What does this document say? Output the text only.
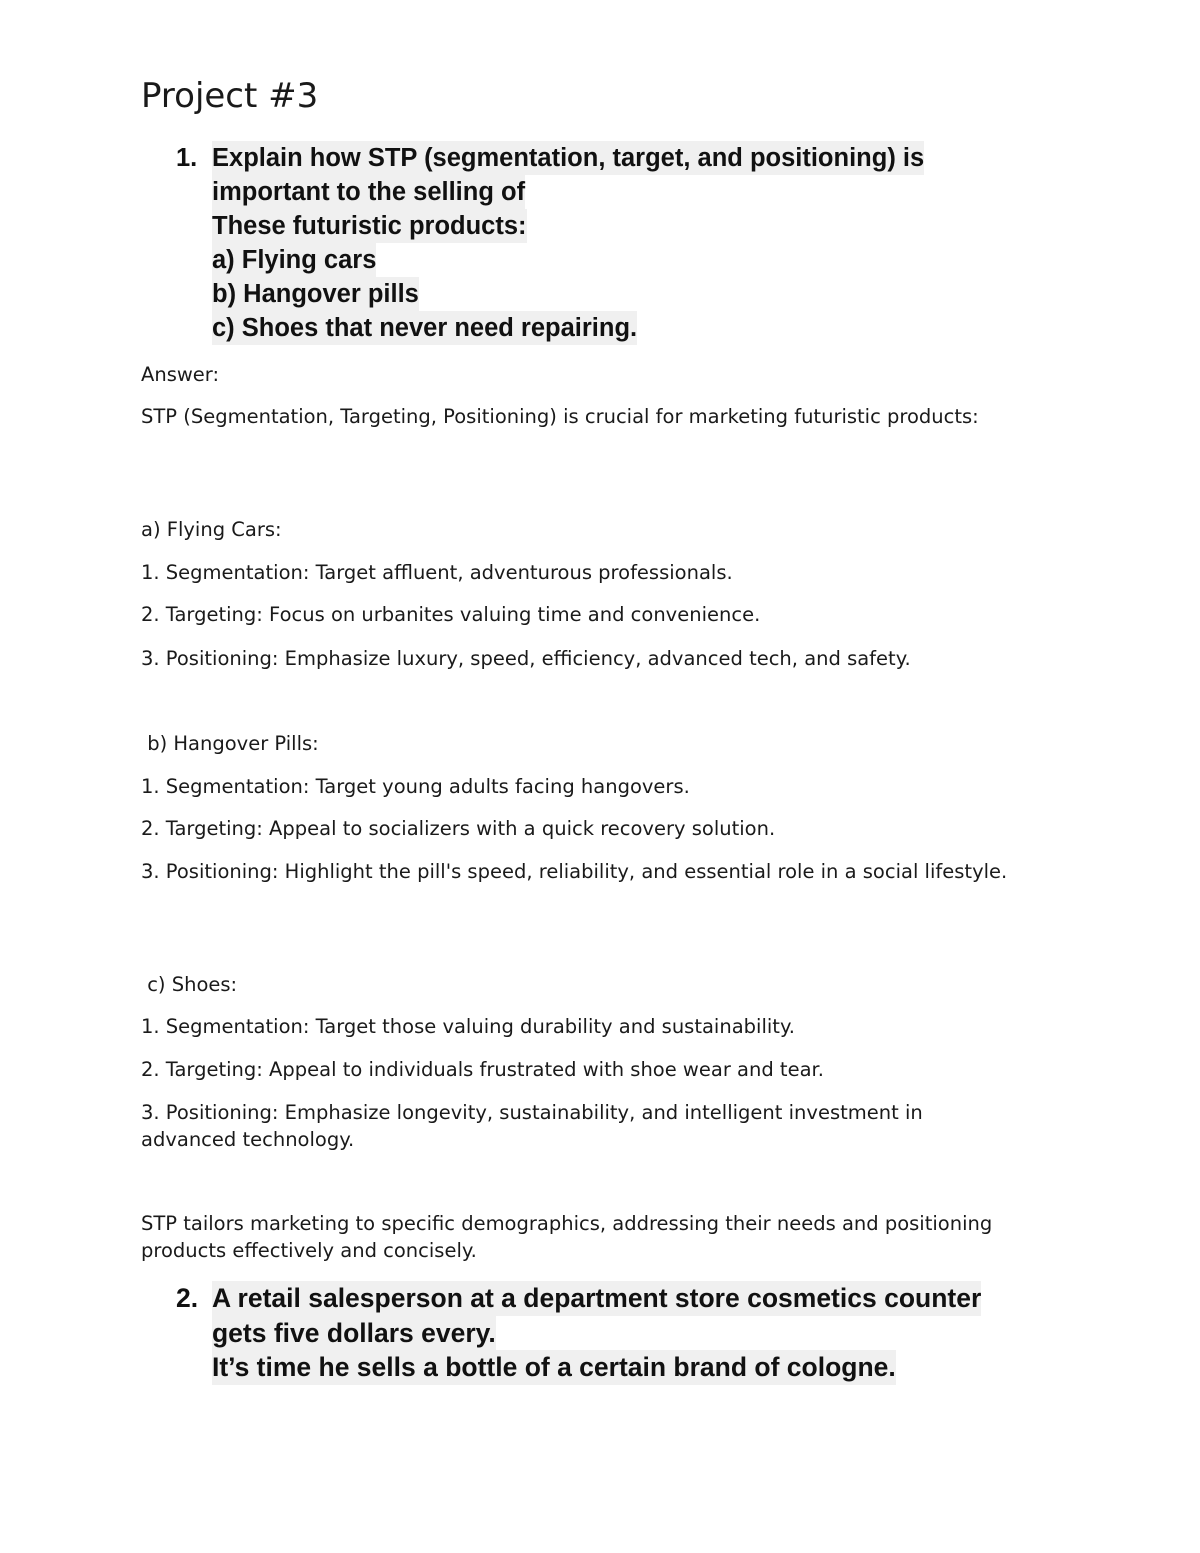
Project #3
1. Explain how STP (segmentation, target, and positioning) is
important to the selling of
These futuristic products:
a) Flying cars
b) Hangover pills
c) Shoes that never need repairing.

Answer:

STP (Segmentation, Targeting, Positioning) is crucial for marketing futuristic products:

a) Flying Cars:

1. Segmentation: Target affluent, adventurous professionals.

2. Targeting: Focus on urbanites valuing time and convenience.

3. Positioning: Emphasize luxury, speed, efficiency, advanced tech, and safety.

b) Hangover Pills:

1. Segmentation: Target young adults facing hangovers.

2. Targeting: Appeal to socializers with a quick recovery solution.

3. Positioning: Highlight the pill's speed, reliability, and essential role in a social lifestyle.

c) Shoes:

1. Segmentation: Target those valuing durability and sustainability.

2. Targeting: Appeal to individuals frustrated with shoe wear and tear.

3. Positioning: Emphasize longevity, sustainability, and intelligent investment in advanced technology.

STP tailors marketing to specific demographics, addressing their needs and positioning products effectively and concisely.

2. A retail salesperson at a department store cosmetics counter
gets five dollars every.
It’s time he sells a bottle of a certain brand of cologne.
